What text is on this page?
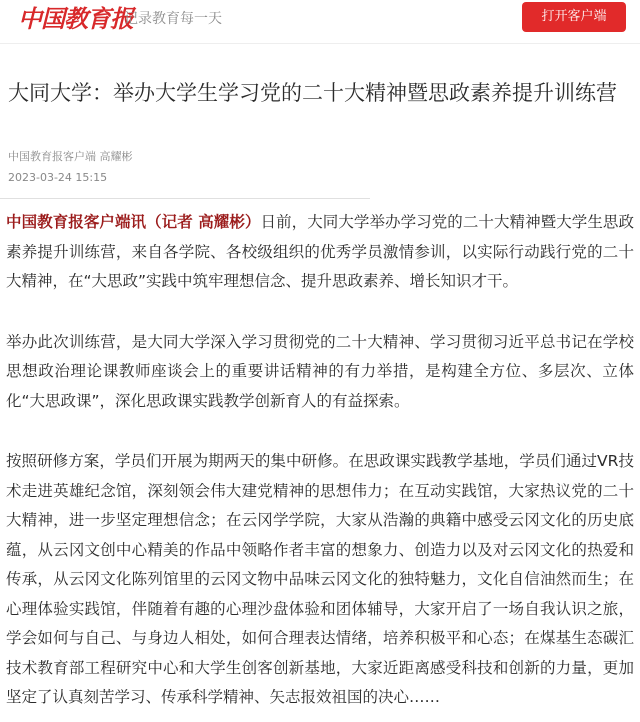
中国教育报
记录教育每一天	打开客户端
大同大学：举办大学生学习党的二十大精神暨思政素养提升训练营
中国教育报客户端 高耀彬
2023-03-24 15:15

中国教育报客户端讯（记者 高耀彬）日前，大同大学举办学习党的二十大精神暨大学生思政素养提升训练营，来自各学院、各校级组织的优秀学员激情参训，以实际行动践行党的二十大精神，在“大思政”实践中筑牢理想信念、提升思政素养、增长知识才干。

举办此次训练营，是大同大学深入学习贯彻党的二十大精神、学习贯彻习近平总书记在学校思想政治理论课教师座谈会上的重要讲话精神的有力举措，是构建全方位、多层次、立体化“大思政课”，深化思政课实践教学创新育人的有益探索。

按照研修方案，学员们开展为期两天的集中研修。在思政课实践教学基地，学员们通过VR技术走进英雄纪念馆，深刻领会伟大建党精神的思想伟力；在互动实践馆，大家热议党的二十大精神，进一步坚定理想信念；在云冈学学院，大家从浩瀚的典籍中感受云冈文化的历史底蕴，从云冈文创中心精美的作品中领略作者丰富的想象力、创造力以及对云冈文化的热爱和传承，从云冈文化陈列馆里的云冈文物中品味云冈文化的独特魅力，文化自信油然而生；在心理体验实践馆，伴随着有趣的心理沙盘体验和团体辅导，大家开启了一场自我认识之旅，学会如何与自己、与身边人相处，如何合理表达情绪，培养积极平和心态；在煤基生态碳汇技术教育部工程研究中心和大学生创客创新基地，大家近距离感受科技和创新的力量，更加坚定了认真刻苦学习、传承科学精神、矢志报效祖国的决心……
